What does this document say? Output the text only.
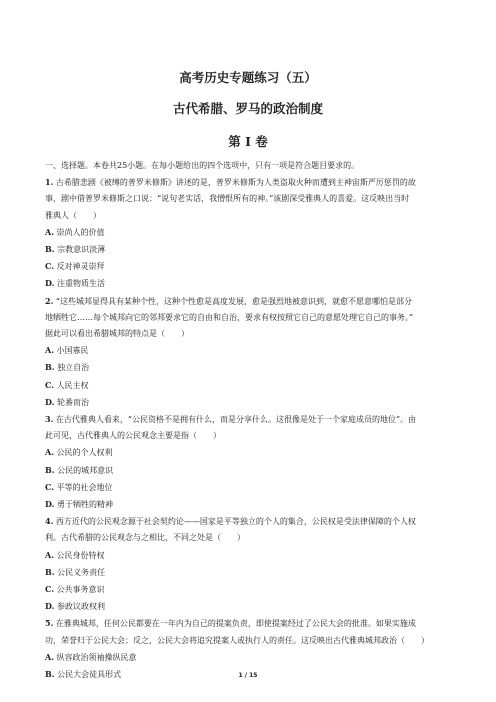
高考历史专题练习（五）
古代希腊、罗马的政治制度
第 I 卷
一、选择题。本卷共25小题。在每小题给出的四个选项中，只有一项是符合题目要求的。
1. 古希腊悲剧《被缚的普罗米修斯》讲述的是，普罗米修斯为人类盗取火种而遭到主神宙斯严厉惩罚的故
事，剧中借普罗米修斯之口说：“说句老实话，我憎恨所有的神。”该剧深受雅典人的喜爱。这反映出当时
雅典人（　　）
A. 崇尚人的价值
B. 宗教意识淡薄
C. 反对神灵崇拜
D. 注重物质生活
2. “这些城邦显得具有某种个性，这种个性愈是高度发展，愈是强烈地被意识到，就愈不愿意哪怕是部分
地牺牲它……每个城邦向它的邻邦要求它的自由和自治，要求有权按照它自己的意愿处理它自己的事务。”
据此可以看出希腊城邦的特点是（　　）
A. 小国寡民
B. 独立自治
C. 人民主权
D. 轮番而治
3. 在古代雅典人看来，“公民资格不是拥有什么，而是分享什么。这很像是处于一个家庭成员的地位”。由
此可见，古代雅典人的公民观念主要是指（　　）
A. 公民的个人权利
B. 公民的城邦意识
C. 平等的社会地位
D. 勇于牺牲的精神
4. 西方近代的公民观念源于社会契约论——国家是平等独立的个人的集合，公民权是受法律保障的个人权
利。古代希腊的公民观念与之相比，不同之处是（　　）
A. 公民身份特权
B. 公民义务责任
C. 公共事务意识
D. 参政议政权利
5. 在雅典城邦，任何公民都要在一年内为自己的提案负责，即使提案经过了公民大会的批准。如果实施成
功，荣誉归于公民大会；反之，公民大会将追究提案人或执行人的责任。这反映出古代雅典城邦政治（　　）
A. 纵容政治领袖操纵民意
B. 公民大会徒具形式	1 / 15
